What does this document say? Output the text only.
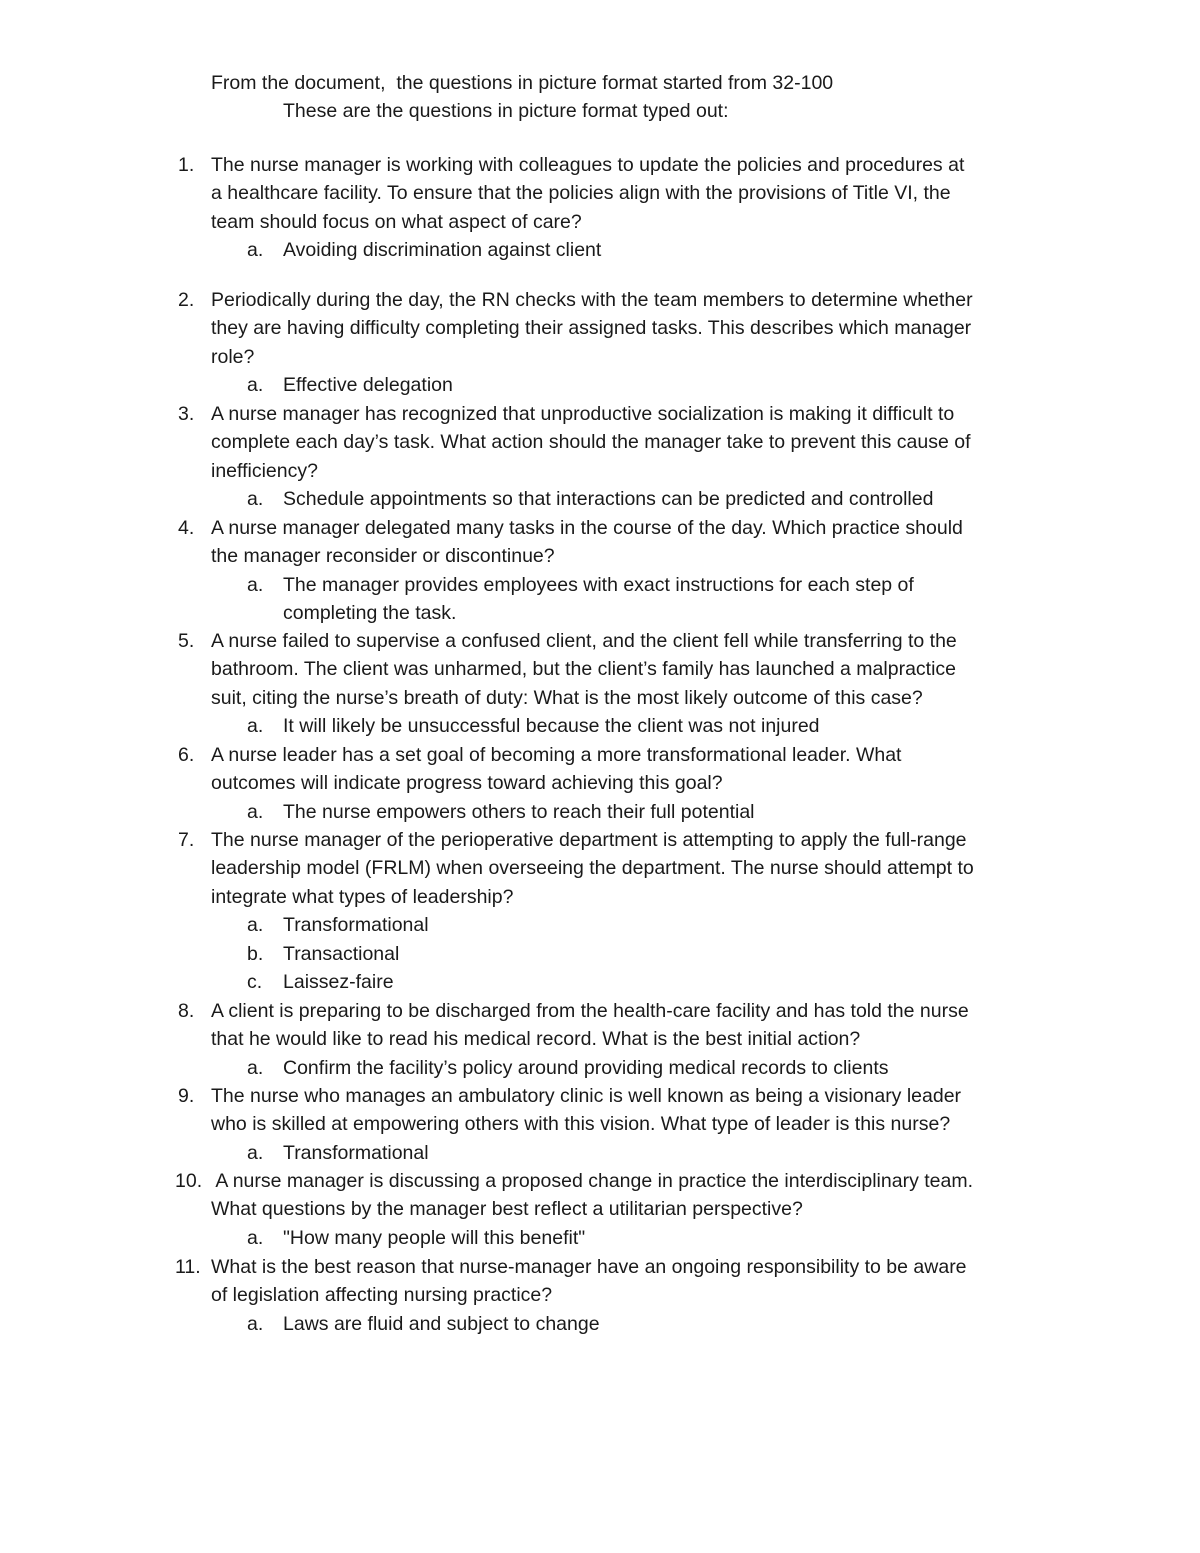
From the document,  the questions in picture format started from 32-100
These are the questions in picture format typed out:
1. The nurse manager is working with colleagues to update the policies and procedures at
a healthcare facility. To ensure that the policies align with the provisions of Title VI, the
team should focus on what aspect of care?
a. Avoiding discrimination against client
2. Periodically during the day, the RN checks with the team members to determine whether
they are having difficulty completing their assigned tasks. This describes which manager
role?
a. Effective delegation
3. A nurse manager has recognized that unproductive socialization is making it difficult to
complete each day’s task. What action should the manager take to prevent this cause of
inefficiency?
a. Schedule appointments so that interactions can be predicted and controlled
4. A nurse manager delegated many tasks in the course of the day. Which practice should
the manager reconsider or discontinue?
a. The manager provides employees with exact instructions for each step of
completing the task.
5. A nurse failed to supervise a confused client, and the client fell while transferring to the
bathroom. The client was unharmed, but the client’s family has launched a malpractice
suit, citing the nurse’s breath of duty: What is the most likely outcome of this case?
a. It will likely be unsuccessful because the client was not injured
6. A nurse leader has a set goal of becoming a more transformational leader. What
outcomes will indicate progress toward achieving this goal?
a. The nurse empowers others to reach their full potential
7. The nurse manager of the perioperative department is attempting to apply the full-range
leadership model (FRLM) when overseeing the department. The nurse should attempt to
integrate what types of leadership?
a. Transformational
b. Transactional
c. Laissez-faire
8. A client is preparing to be discharged from the health-care facility and has told the nurse
that he would like to read his medical record. What is the best initial action?
a. Confirm the facility’s policy around providing medical records to clients
9. The nurse who manages an ambulatory clinic is well known as being a visionary leader
who is skilled at empowering others with this vision. What type of leader is this nurse?
a. Transformational
10. A nurse manager is discussing a proposed change in practice the interdisciplinary team.
What questions by the manager best reflect a utilitarian perspective?
a. "How many people will this benefit"
11. What is the best reason that nurse-manager have an ongoing responsibility to be aware
of legislation affecting nursing practice?
a. Laws are fluid and subject to change
